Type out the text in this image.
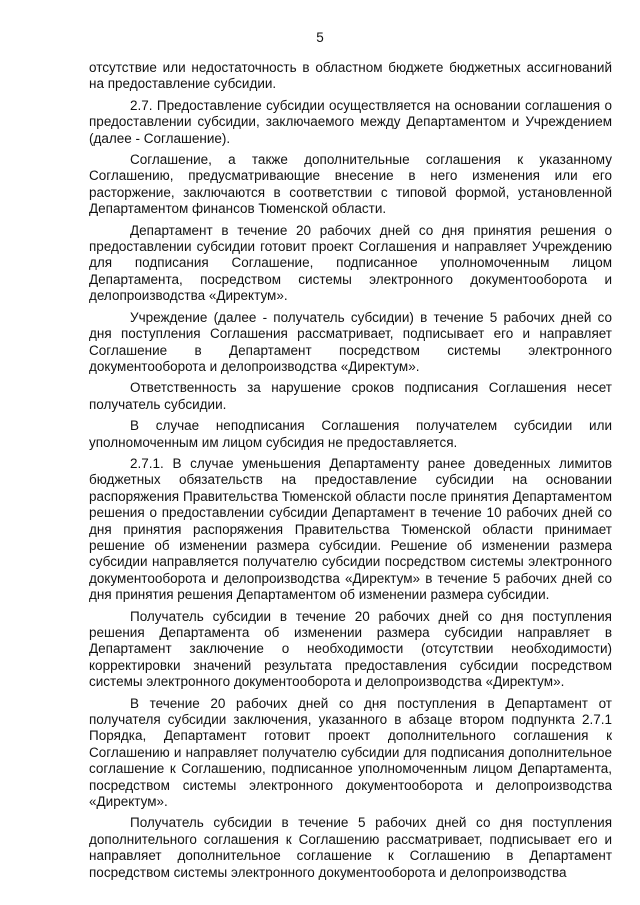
5

отсутствие или недостаточность в областном бюджете бюджетных ассигнований на предоставление субсидии.

2.7. Предоставление субсидии осуществляется на основании соглашения о предоставлении субсидии, заключаемого между Департаментом и Учреждением (далее - Соглашение).

Соглашение, а также дополнительные соглашения к указанному Соглашению, предусматривающие внесение в него изменения или его расторжение, заключаются в соответствии с типовой формой, установленной Департаментом финансов Тюменской области.

Департамент в течение 20 рабочих дней со дня принятия решения о предоставлении субсидии готовит проект Соглашения и направляет Учреждению для подписания Соглашение, подписанное уполномоченным лицом Департамента, посредством системы электронного документооборота и делопроизводства «Директум».

Учреждение (далее - получатель субсидии) в течение 5 рабочих дней со дня поступления Соглашения рассматривает, подписывает его и направляет Соглашение в Департамент посредством системы электронного документооборота и делопроизводства «Директум».

Ответственность за нарушение сроков подписания Соглашения несет получатель субсидии.

В случае неподписания Соглашения получателем субсидии или уполномоченным им лицом субсидия не предоставляется.

2.7.1. В случае уменьшения Департаменту ранее доведенных лимитов бюджетных обязательств на предоставление субсидии на основании распоряжения Правительства Тюменской области после принятия Департаментом решения о предоставлении субсидии Департамент в течение 10 рабочих дней со дня принятия распоряжения Правительства Тюменской области принимает решение об изменении размера субсидии. Решение об изменении размера субсидии направляется получателю субсидии посредством системы электронного документооборота и делопроизводства «Директум» в течение 5 рабочих дней со дня принятия решения Департаментом об изменении размера субсидии.

Получатель субсидии в течение 20 рабочих дней со дня поступления решения Департамента об изменении размера субсидии направляет в Департамент заключение о необходимости (отсутствии необходимости) корректировки значений результата предоставления субсидии посредством системы электронного документооборота и делопроизводства «Директум».

В течение 20 рабочих дней со дня поступления в Департамент от получателя субсидии заключения, указанного в абзаце втором подпункта 2.7.1 Порядка, Департамент готовит проект дополнительного соглашения к Соглашению и направляет получателю субсидии для подписания дополнительное соглашение к Соглашению, подписанное уполномоченным лицом Департамента, посредством системы электронного документооборота и делопроизводства «Директум».

Получатель субсидии в течение 5 рабочих дней со дня поступления дополнительного соглашения к Соглашению рассматривает, подписывает его и направляет дополнительное соглашение к Соглашению в Департамент посредством системы электронного документооборота и делопроизводства
